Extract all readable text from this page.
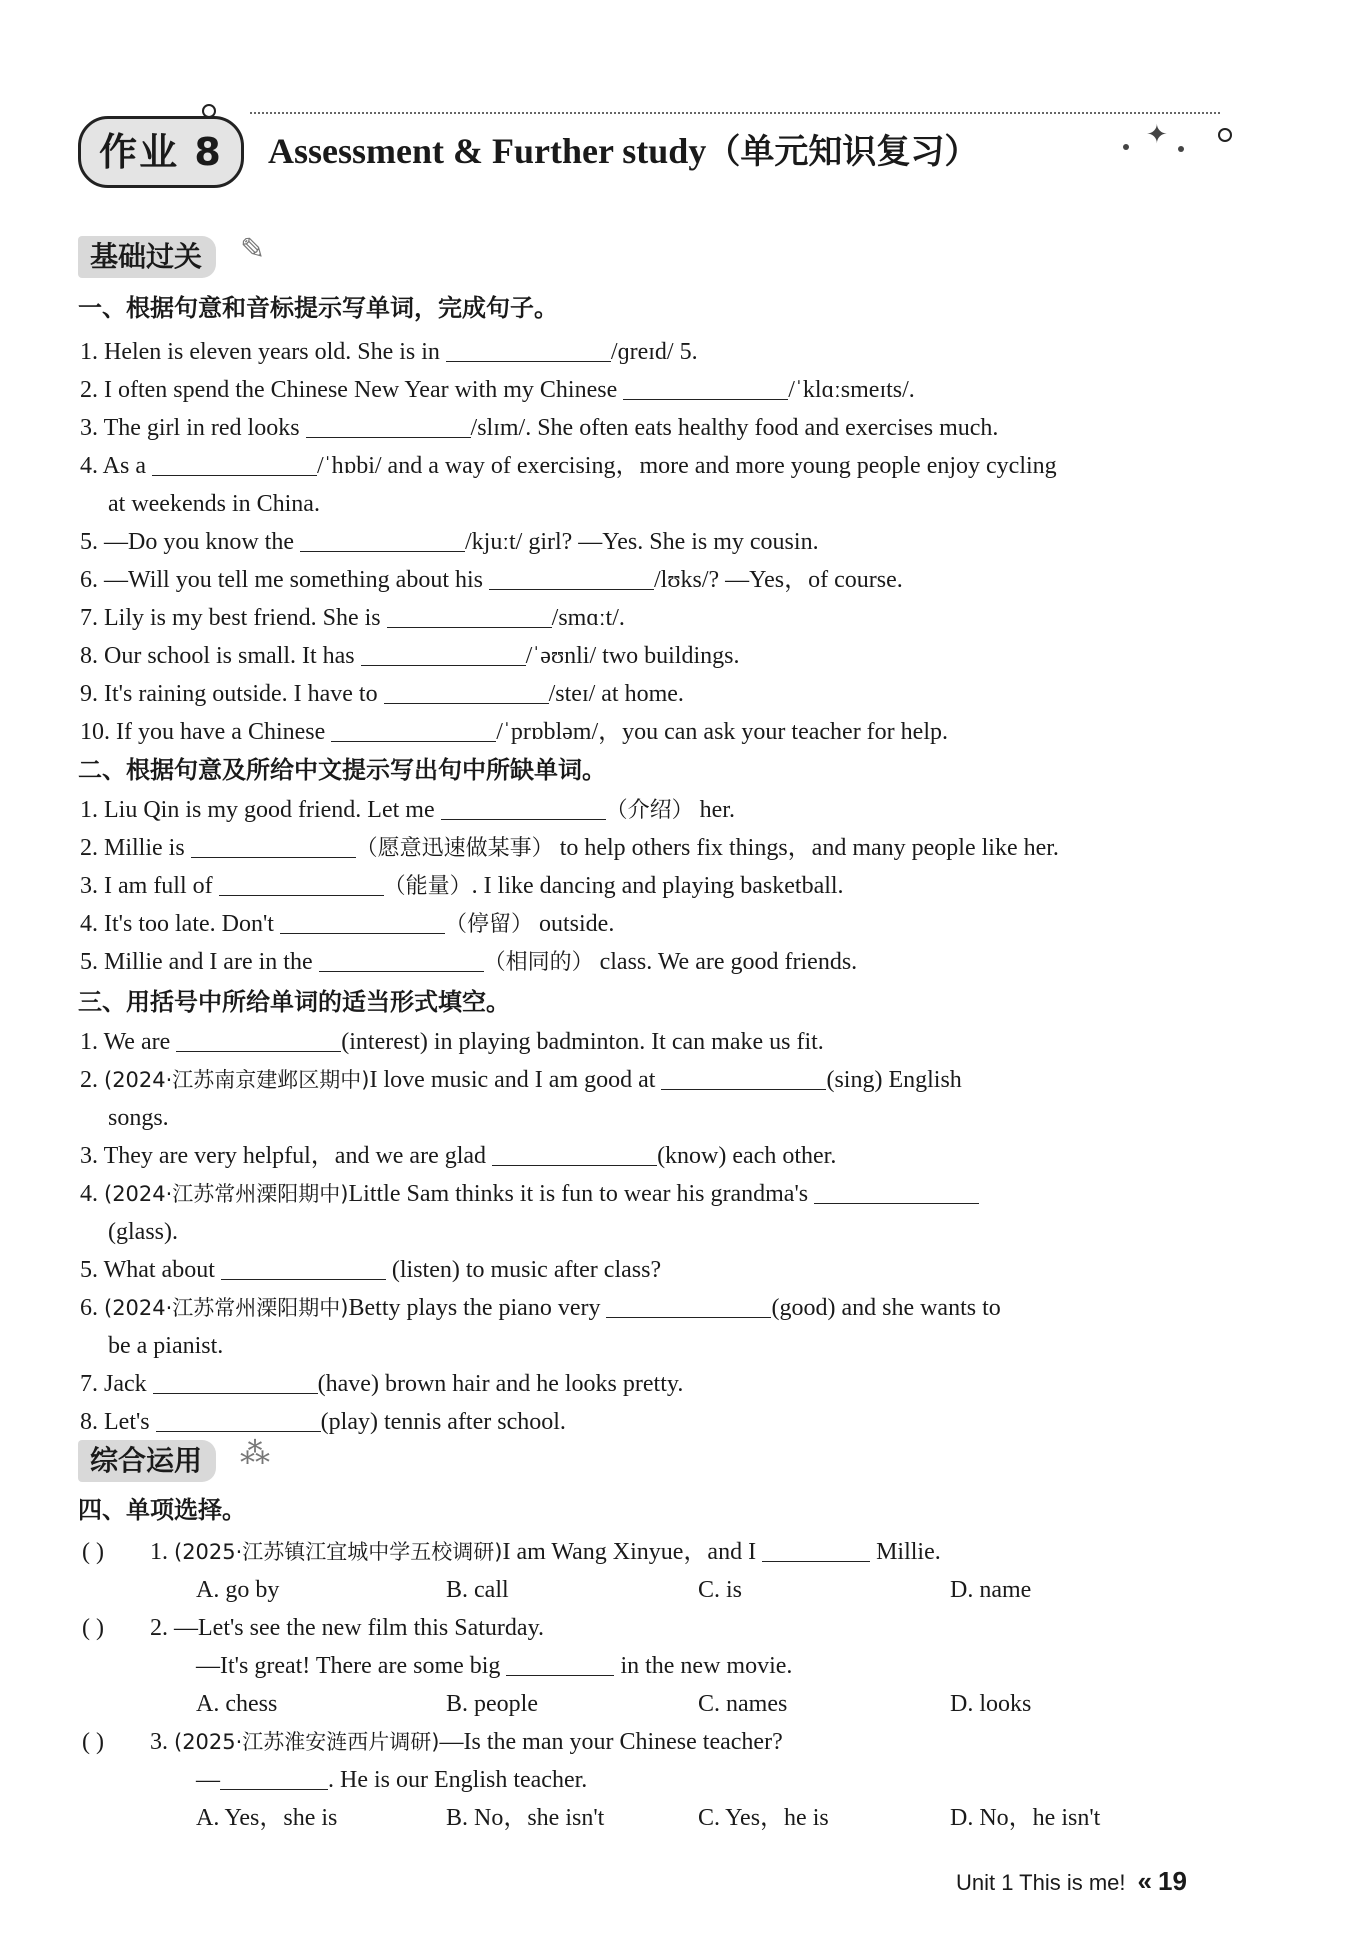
作业 8	✦
Assessment & Further study（单元知识复习）
基础过关	✎
一、根据句意和音标提示写单词，完成句子。
1. Helen is eleven years old. She is in	/ɡreɪd/ 5.
2. I often spend the Chinese New Year with my Chinese	/ˈklɑːsmeɪts/.
3. The girl in red looks	/slɪm/. She often eats healthy food and exercises much.
4. As a	/ˈhɒbi/ and a way of exercising，more and more young people enjoy cycling
at weekends in China.
5. —Do you know the	/kjuːt/ girl? —Yes. She is my cousin.
6. —Will you tell me something about his	/lʊks/? —Yes，of course.
7. Lily is my best friend. She is	/smɑːt/.
8. Our school is small. It has	/ˈəʊnli/ two buildings.
9. It's raining outside. I have to	/steɪ/ at home.
10. If you have a Chinese	/ˈprɒbləm/，you can ask your teacher for help.
二、根据句意及所给中文提示写出句中所缺单词。
1. Liu Qin is my good friend. Let me	（介绍） her.
2. Millie is	（愿意迅速做某事） to help others fix things，and many people like her.
3. I am full of	（能量）. I like dancing and playing basketball.
4. It's too late. Don't	（停留） outside.
5. Millie and I are in the	（相同的） class. We are good friends.
三、用括号中所给单词的适当形式填空。
1. We are	(interest) in playing badminton. It can make us fit.
2. (2024·江苏南京建邺区期中)I love music and I am good at	(sing) English
songs.
3. They are very helpful，and we are glad	(know) each other.
4. (2024·江苏常州溧阳期中)Little Sam thinks it is fun to wear his grandma's
(glass).
5. What about	(listen) to music after class?
6. (2024·江苏常州溧阳期中)Betty plays the piano very	(good) and she wants to
be a pianist.
7. Jack	(have) brown hair and he looks pretty.
8. Let's	(play) tennis after school.
综合运用	⁂
四、单项选择。
( ) 1. (2025·江苏镇江宜城中学五校调研)I am Wang Xinyue，and I	Millie.
A. go by	B. call	C. is	D. name
( ) 2. —Let's see the new film this Saturday.
—It's great! There are some big	in the new movie.
A. chess	B. people	C. names	D. looks
( ) 3. (2025·江苏淮安涟西片调研)—Is the man your Chinese teacher?
—	. He is our English teacher.
A. Yes，she is	B. No，she isn't	C. Yes，he is	D. No，he isn't
Unit 1 This is me! « 19
